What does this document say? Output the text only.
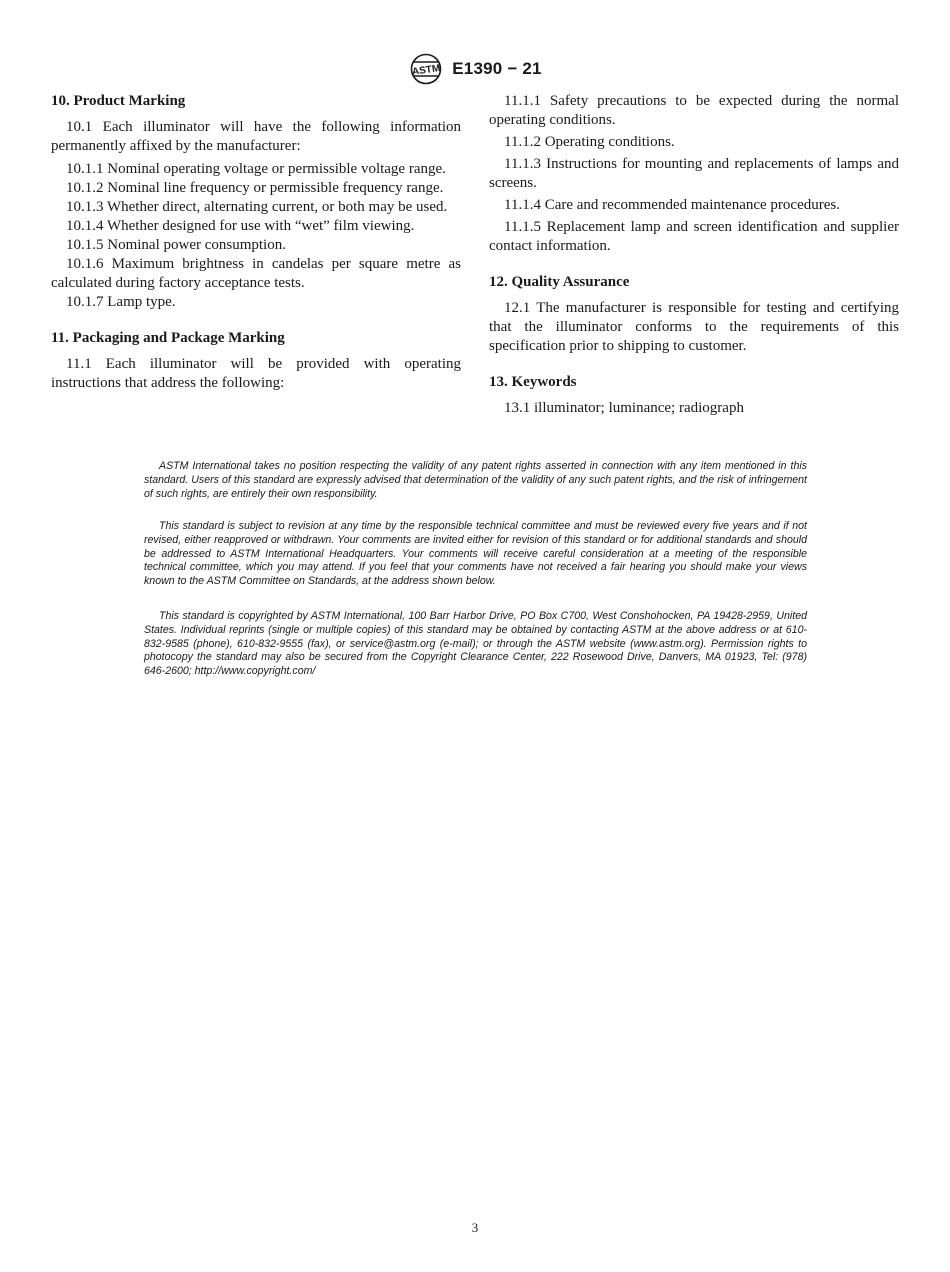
ASTM E1390 − 21
10. Product Marking

10.1 Each illuminator will have the following information permanently affixed by the manufacturer:

10.1.1 Nominal operating voltage or permissible voltage range.

10.1.2 Nominal line frequency or permissible frequency range.

10.1.3 Whether direct, alternating current, or both may be used.

10.1.4 Whether designed for use with “wet” film viewing.

10.1.5 Nominal power consumption.

10.1.6 Maximum brightness in candelas per square metre as calculated during factory acceptance tests.

10.1.7 Lamp type.

11. Packaging and Package Marking

11.1 Each illuminator will be provided with operating instructions that address the following:

11.1.1 Safety precautions to be expected during the normal operating conditions.

11.1.2 Operating conditions.

11.1.3 Instructions for mounting and replacements of lamps and screens.

11.1.4 Care and recommended maintenance procedures.

11.1.5 Replacement lamp and screen identification and supplier contact information.

12. Quality Assurance

12.1 The manufacturer is responsible for testing and certifying that the illuminator conforms to the requirements of this specification prior to shipping to customer.

13. Keywords

13.1 illuminator; luminance; radiograph

ASTM International takes no position respecting the validity of any patent rights asserted in connection with any item mentioned in this standard. Users of this standard are expressly advised that determination of the validity of any such patent rights, and the risk of infringement of such rights, are entirely their own responsibility.

This standard is subject to revision at any time by the responsible technical committee and must be reviewed every five years and if not revised, either reapproved or withdrawn. Your comments are invited either for revision of this standard or for additional standards and should be addressed to ASTM International Headquarters. Your comments will receive careful consideration at a meeting of the responsible technical committee, which you may attend. If you feel that your comments have not received a fair hearing you should make your views known to the ASTM Committee on Standards, at the address shown below.

This standard is copyrighted by ASTM International, 100 Barr Harbor Drive, PO Box C700, West Conshohocken, PA 19428-2959, United States. Individual reprints (single or multiple copies) of this standard may be obtained by contacting ASTM at the above address or at 610-832-9585 (phone), 610-832-9555 (fax), or service@astm.org (e-mail); or through the ASTM website (www.astm.org). Permission rights to photocopy the standard may also be secured from the Copyright Clearance Center, 222 Rosewood Drive, Danvers, MA 01923, Tel: (978) 646-2600; http://www.copyright.com/

3
